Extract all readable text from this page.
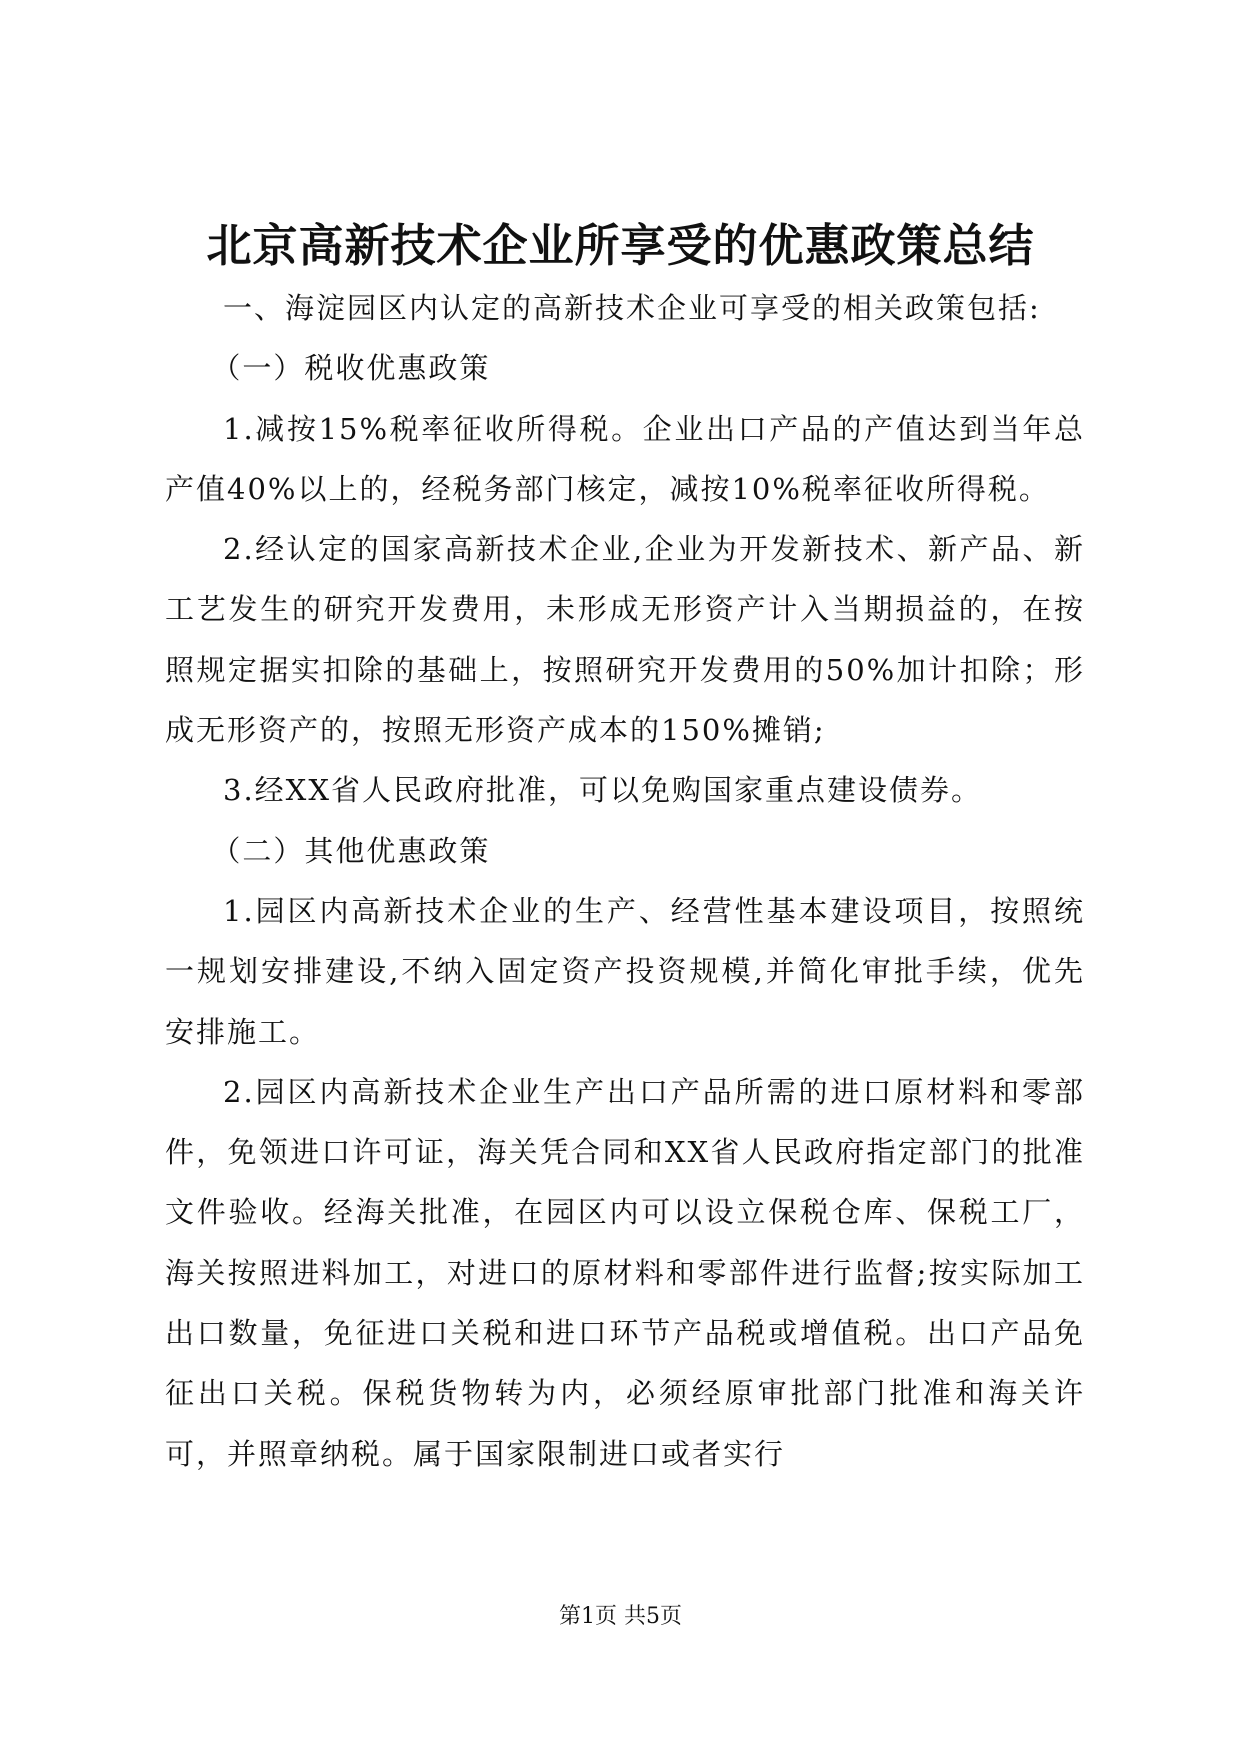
北京高新技术企业所享受的优惠政策总结

一、海淀园区内认定的高新技术企业可享受的相关政策包括:

（一）税收优惠政策

1.减按15%税率征收所得税。企业出口产品的产值达到当年总产值40%以上的，经税务部门核定，减按10%税率征收所得税。

2.经认定的国家高新技术企业,企业为开发新技术、新产品、新工艺发生的研究开发费用，未形成无形资产计入当期损益的，在按照规定据实扣除的基础上，按照研究开发费用的50%加计扣除；形成无形资产的，按照无形资产成本的150%摊销;

3.经XX省人民政府批准，可以免购国家重点建设债券。

（二）其他优惠政策

1.园区内高新技术企业的生产、经营性基本建设项目，按照统一规划安排建设,不纳入固定资产投资规模,并简化审批手续，优先安排施工。

2.园区内高新技术企业生产出口产品所需的进口原材料和零部件，免领进口许可证，海关凭合同和XX省人民政府指定部门的批准文件验收。经海关批准，在园区内可以设立保税仓库、保税工厂，海关按照进料加工，对进口的原材料和零部件进行监督;按实际加工出口数量，免征进口关税和进口环节产品税或增值税。出口产品免征出口关税。保税货物转为内，必须经原审批部门批准和海关许可，并照章纳税。属于国家限制进口或者实行

第1页 共5页
